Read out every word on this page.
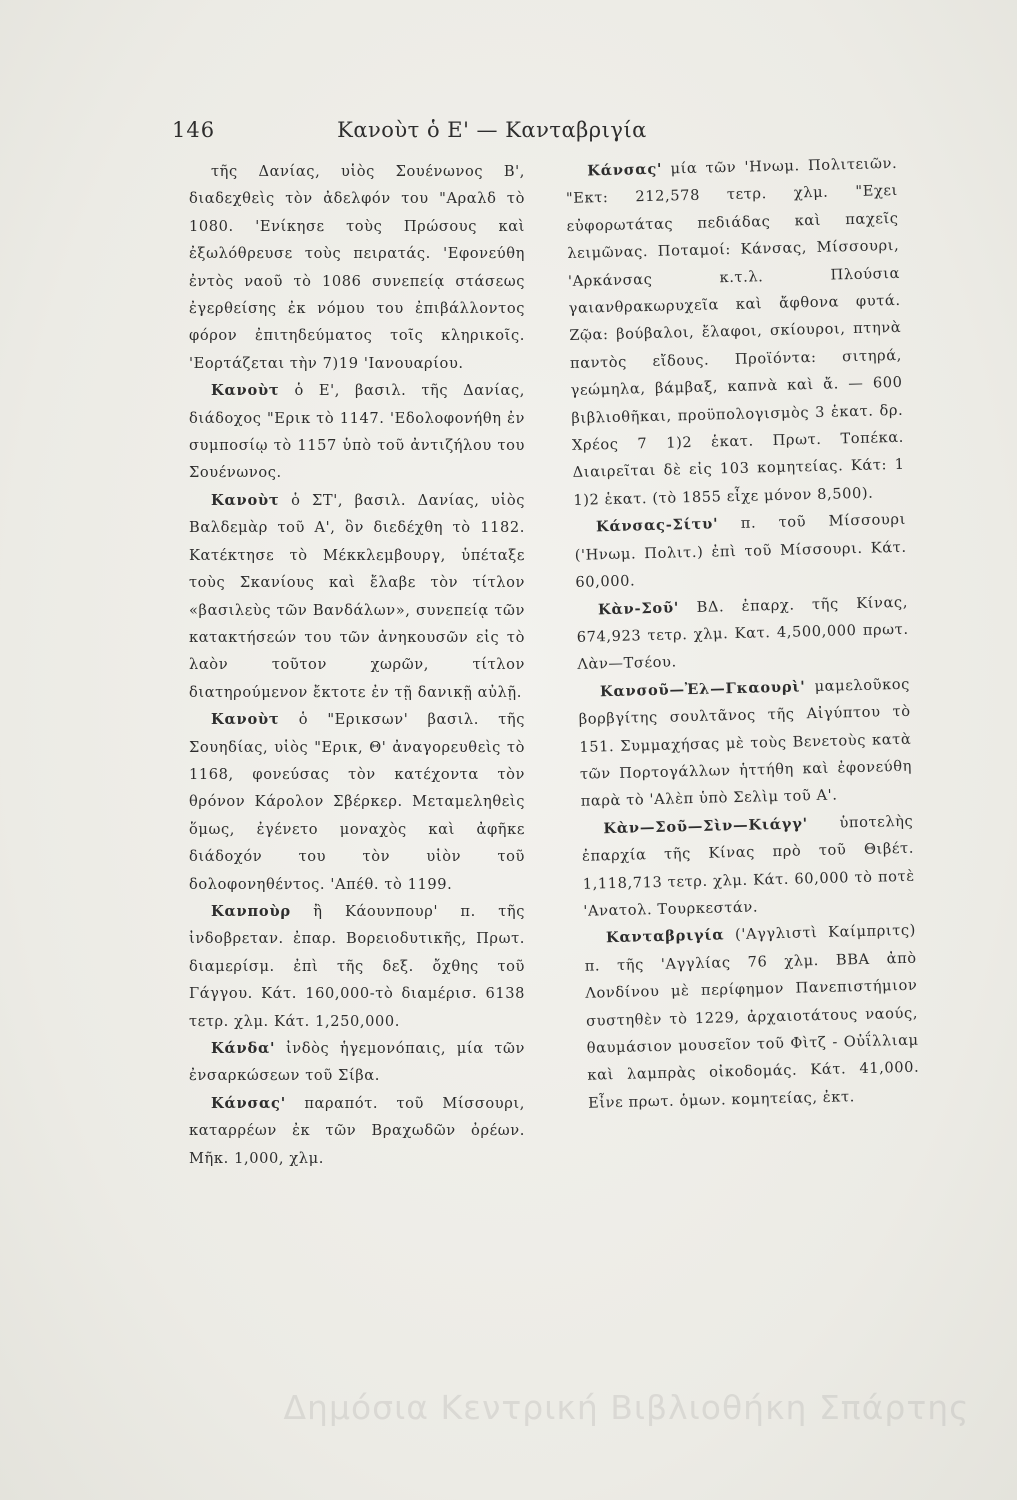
146	Κανοὺτ ὁ Ε' — Κανταβριγία

τῆς Δανίας, υἱὸς Σουένωνος Β', διαδεχθεὶς τὸν ἀδελφόν του "Αραλδ τὸ 1080. 'Ενίκησε τοὺς Πρώσους καὶ ἐξωλόθρευσε τοὺς πειρατάς. 'Εφονεύθη ἐντὸς ναοῦ τὸ 1086 συνεπείᾳ στάσεως ἐγερθείσης ἐκ νόμου του ἐπιβάλλοντος φόρον ἐπιτηδεύματος τοῖς κληρικοῖς. 'Εορτάζεται τὴν 7)19 'Ιανουαρίου.

Κανοὺτ ὁ Ε', βασιλ. τῆς Δανίας, διάδοχος "Ερικ τὸ 1147. 'Εδολοφονήθη ἐν συμποσίῳ τὸ 1157 ὑπὸ τοῦ ἀντιζήλου του Σουένωνος.

Κανοὺτ ὁ ΣΤ', βασιλ. Δανίας, υἱὸς Βαλδεμὰρ τοῦ Α', ὃν διεδέχθη τὸ 1182. Κατέκτησε τὸ Μέκκλεμβουργ, ὑπέταξε τοὺς Σκανίους καὶ ἔλαβε τὸν τίτλον «βασιλεὺς τῶν Βανδάλων», συνεπείᾳ τῶν κατακτήσεών του τῶν ἀνηκουσῶν εἰς τὸ λαὸν τοῦτον χωρῶν, τίτλον διατηρούμενον ἔκτοτε ἐν τῇ δανικῇ αὐλῇ.

Κανοὺτ ὁ "Ερικσων' βασιλ. τῆς Σουηδίας, υἱὸς "Ερικ, Θ' ἀναγορευθεὶς τὸ 1168, φονεύσας τὸν κατέχοντα τὸν θρόνον Κάρολον Σβέρκερ. Μεταμεληθεὶς ὅμως, ἐγένετο μοναχὸς καὶ ἀφῆκε διάδοχόν του τὸν υἱὸν τοῦ δολοφονηθέντος. 'Απέθ. τὸ 1199.

Κανποὺρ ἢ Κάουνπουρ' π. τῆς ἰνδοβρεταν. ἐπαρ. Βορειοδυτικῆς, Πρωτ. διαμερίσμ. ἐπὶ τῆς δεξ. ὄχθης τοῦ Γάγγου. Κάτ. 160,000-τὸ διαμέρισ. 6138 τετρ. χλμ. Κάτ. 1,250,000.

Κάνδα' ἰνδὸς ἡγεμονόπαις, μία τῶν ἐνσαρκώσεων τοῦ Σίβα.

Κάνσας' παραπότ. τοῦ Μίσσουρι, καταρρέων ἐκ τῶν Βραχωδῶν ὀρέων. Μῆκ. 1,000, χλμ.

Κάνσας' μία τῶν 'Ηνωμ. Πολιτειῶν. "Εκτ: 212,578 τετρ. χλμ. "Εχει εὐφορωτάτας πεδιάδας καὶ παχεῖς λειμῶνας. Ποταμοί: Κάνσας, Μίσσουρι, 'Αρκάνσας κ.τ.λ. Πλούσια γαιανθρακωρυχεῖα καὶ ἄφθονα φυτά. Ζῷα: βούβαλοι, ἔλαφοι, σκίουροι, πτηνὰ παντὸς εἴδους. Προϊόντα: σιτηρά, γεώμηλα, βάμβαξ, καπνὰ καὶ ἄ. — 600 βιβλιοθῆκαι, προϋπολογισμὸς 3 ἑκατ. δρ. Χρέος 7 1)2 ἑκατ. Πρωτ. Τοπέκα. Διαιρεῖται δὲ εἰς 103 κομητείας. Κάτ: 1 1)2 ἑκατ. (τὸ 1855 εἶχε μόνον 8,500).

Κάνσας-Σίτυ' π. τοῦ Μίσσουρι ('Ηνωμ. Πολιτ.) ἐπὶ τοῦ Μίσσουρι. Κάτ. 60,000.

Κὰν-Σοῦ' ΒΔ. ἐπαρχ. τῆς Κίνας, 674,923 τετρ. χλμ. Κατ. 4,500,000 πρωτ. Λὰν—Τσέου.

Κανσοῦ—Ἐλ—Γκαουρὶ' μαμελοῦκος βορβγίτης σουλτᾶνος τῆς Αἰγύπτου τὸ 151. Συμμαχήσας μὲ τοὺς Βενετοὺς κατὰ τῶν Πορτογάλλων ἡττήθη καὶ ἐφονεύθη παρὰ τὸ 'Αλὲπ ὑπὸ Σελὶμ τοῦ Α'.

Κὰν—Σοῦ—Σὶν—Κιάγγ' ὑποτελὴς ἐπαρχία τῆς Κίνας πρὸ τοῦ Θιβέτ. 1,118,713 τετρ. χλμ. Κάτ. 60,000 τὸ ποτὲ 'Ανατολ. Τουρκεστάν.

Κανταβριγία ('Αγγλιστὶ Καίμπριτς) π. τῆς 'Αγγλίας 76 χλμ. ΒΒΑ ἀπὸ Λονδίνου μὲ περίφημον Πανεπιστήμιον συστηθὲν τὸ 1229, ἀρχαιοτάτους ναούς, θαυμάσιον μουσεῖον τοῦ Φὶτζ - Οὐΐλλιαμ καὶ λαμπρὰς οἰκοδομάς. Κάτ. 41,000. Εἶνε πρωτ. ὁμων. κομητείας, ἐκτ.

Δημόσια Κεντρική Βιβλιοθήκη Σπάρτης
